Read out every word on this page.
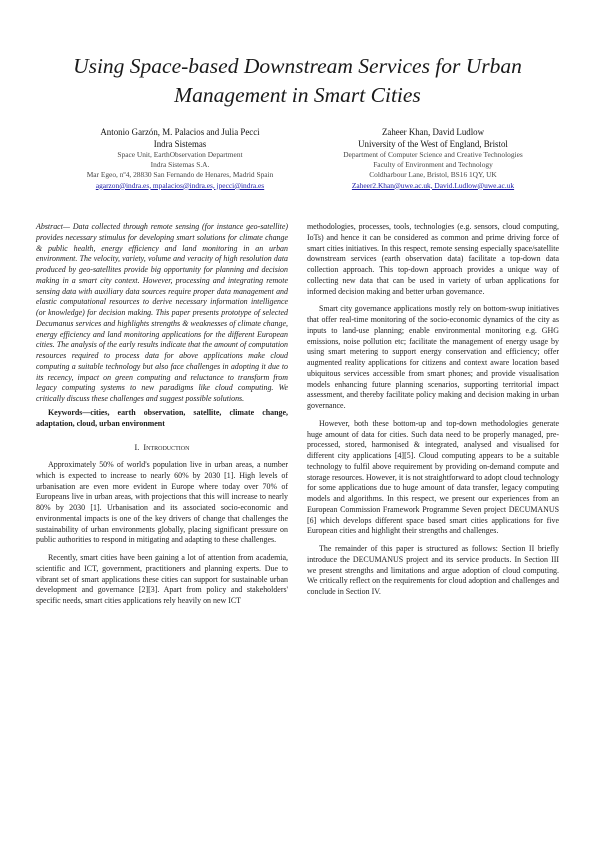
Using Space-based Downstream Services for Urban
Management in Smart Cities
Antonio Garzón, M. Palacios and Julia Pecci
Indra Sistemas
Space Unit, EarthObservation Department
Indra Sistemas S.A.
Mar Egeo, nº4, 28830 San Fernando de Henares, Madrid Spain
agarzon@indra.es, mpalacios@indra.es, jpecci@indra.es
Zaheer Khan, David Ludlow
University of the West of England, Bristol
Department of Computer Science and Creative Technologies
Faculty of Environment and Technology
Coldharbour Lane, Bristol, BS16 1QY, UK
Zaheer2.Khan@uwe.ac.uk, David.Ludlow@uwe.ac.uk

Abstract— Data collected through remote sensing (for instance geo-satellite) provides necessary stimulus for developing smart solutions for climate change & public health, energy efficiency and land monitoring in an urban environment. The velocity, variety, volume and veracity of high resolution data produced by geo-satellites provide big opportunity for planning and decision making in a smart city context. However, processing and integrating remote sensing data with auxiliary data sources require proper data management and elastic computational resources to derive necessary information intelligence (or knowledge) for decision making. This paper presents prototype of selected Decumanus services and highlights strengths & weaknesses of climate change, energy efficiency and land monitoring applications for the different European cities. The analysis of the early results indicate that the amount of computation resources required to process data for above applications make cloud computing a suitable technology but also face challenges in adopting it due to its recency, impact on green computing and reluctance to transform from legacy computing systems to new paradigms like cloud computing. We critically discuss these challenges and suggest possible solutions.

Keywords—cities, earth observation, satellite, climate change, adaptation, cloud, urban environment

I. Introduction

Approximately 50% of world's population live in urban areas, a number which is expected to increase to nearly 60% by 2030 [1]. High levels of urbanisation are even more evident in Europe where today over 70% of Europeans live in urban areas, with projections that this will increase to nearly 80% by 2030 [1]. Urbanisation and its associated socio-economic and environmental impacts is one of the key drivers of change that challenges the sustainability of urban environments globally, placing significant pressure on public authorities to respond in mitigating and adapting to these challenges.

Recently, smart cities have been gaining a lot of attention from academia, scientific and ICT, government, practitioners and planning experts. Due to vibrant set of smart applications these cities can support for sustainable urban development and governance [2][3]. Apart from policy and stakeholders' specific needs, smart cities applications rely heavily on new ICT

methodologies, processes, tools, technologies (e.g. sensors, cloud computing, IoTs) and hence it can be considered as common and prime driving force of smart cities initiatives. In this respect, remote sensing especially space/satellite downstream services (earth observation data) facilitate a top-down data collection approach. This top-down approach provides a unique way of collecting new data that can be used in variety of urban applications for informed decision making and better urban governance.

Smart city governance applications mostly rely on bottom-swup initiatives that offer real-time monitoring of the socio-economic dynamics of the city as inputs to land-use planning; enable environmental monitoring e.g. GHG emissions, noise pollution etc; facilitate the management of energy usage by using smart metering to support energy conservation and efficiency; offer augmented reality applications for citizens and context aware location based ubiquitous services accessible from smart phones; and provide visualisation models enhancing future planning scenarios, supporting territorial impact assessment, and thereby facilitate policy making and decision making in urban governance.

However, both these bottom-up and top-down methodologies generate huge amount of data for cities. Such data need to be properly managed, pre-processed, stored, harmonised & integrated, analysed and visualised for different city applications [4][5]. Cloud computing appears to be a suitable technology to fulfil above requirement by providing on-demand compute and storage resources. However, it is not straightforward to adopt cloud technology for some applications due to huge amount of data transfer, legacy computing models and algorithms. In this respect, we present our experiences from an European Commission Framework Programme Seven project DECUMANUS [6] which develops different space based smart cities applications for five European cities and highlight their strengths and challenges.

The remainder of this paper is structured as follows: Section II briefly introduce the DECUMANUS project and its service products. In Section III we present strengths and limitations and argue adoption of cloud computing. We critically reflect on the requirements for cloud adoption and challenges and conclude in Section IV.
